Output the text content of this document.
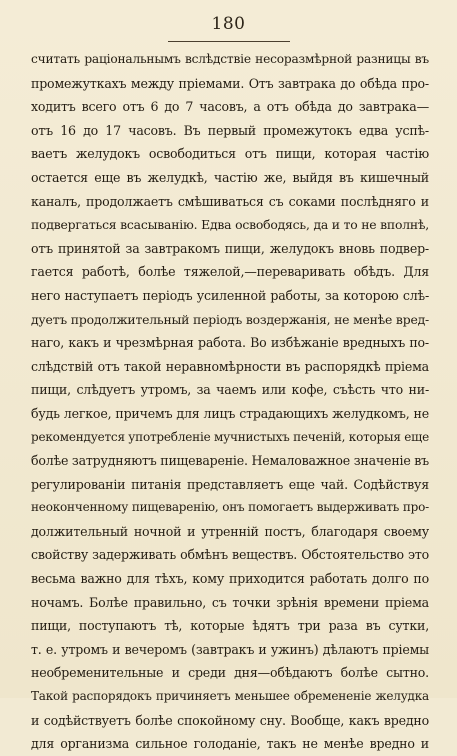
180
считать раціональнымъ вслѣдствіе несоразмѣрной разницы въ
промежуткахъ между пріемами. Отъ завтрака до обѣда про-
ходитъ всего отъ 6 до 7 часовъ, а отъ обѣда до завтрака—
отъ 16 до 17 часовъ. Въ первый промежутокъ едва успѣ-
ваетъ желудокъ освободиться отъ пищи, которая частію
остается еще въ желудкѣ, частію же, выйдя въ кишечный
каналъ, продолжаетъ смѣшиваться съ соками послѣдняго и
подвергаться всасыванію. Едва освободясь, да и то не вполнѣ,
отъ принятой за завтракомъ пищи, желудокъ вновь подвер-
гается работѣ, болѣе тяжелой,—переваривать обѣдъ. Для
него наступаетъ періодъ усиленной работы, за которою слѣ-
дуетъ продолжительный періодъ воздержанія, не менѣе вред-
наго, какъ и чрезмѣрная работа. Во избѣжаніе вредныхъ по-
слѣдствій отъ такой неравномѣрности въ распорядкѣ пріема
пищи, слѣдуетъ утромъ, за чаемъ или кофе, съѣсть что ни-
будь легкое, причемъ для лицъ страдающихъ желудкомъ, не
рекомендуется употребленіе мучнистыхъ печеній, которыя еще
болѣе затрудняютъ пищевареніе. Немаловажное значеніе въ
регулированіи питанія представляетъ еще чай. Содѣйствуя
неоконченному пищеваренію, онъ помогаетъ выдерживать про-
должительный ночной и утренній постъ, благодаря своему
свойству задерживать обмѣнъ веществъ. Обстоятельство это
весьма важно для тѣхъ, кому приходится работать долго по
ночамъ. Болѣе правильно, съ точки зрѣнія времени пріема
пищи, поступаютъ тѣ, которые ѣдятъ три раза въ сутки,
т. е. утромъ и вечеромъ (завтракъ и ужинъ) дѣлаютъ пріемы
необременительные и среди дня—обѣдаютъ болѣе сытно.
Такой распорядокъ причиняетъ меньшее обремененіе желудка
и содѣйствуетъ болѣе спокойному сну. Вообще, какъ вредно
для организма сильное голоданіе, такъ не менѣе вредно и
